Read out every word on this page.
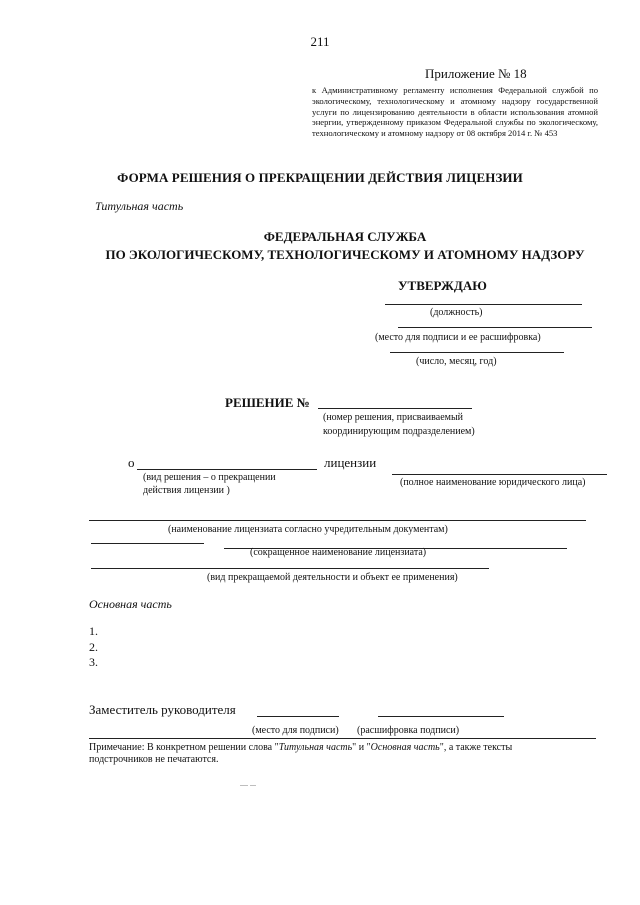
211
Приложение № 18
к Административному регламенту исполнения Федеральной службой по экологическому, технологическому и атомному надзору государственной услуги по лицензированию деятельности в области использования атомной энергии, утвержденному приказом Федеральной службы по экологическому, технологическому и атомному надзору от 08 октября 2014 г. № 453
ФОРМА РЕШЕНИЯ О ПРЕКРАЩЕНИИ ДЕЙСТВИЯ ЛИЦЕНЗИИ
Титульная часть
ФЕДЕРАЛЬНАЯ СЛУЖБА
ПО ЭКОЛОГИЧЕСКОМУ, ТЕХНОЛОГИЧЕСКОМУ И АТОМНОМУ НАДЗОРУ
УТВЕРЖДАЮ
(должность)
(место для подписи и ее расшифровка)
(число, месяц, год)
РЕШЕНИЕ №
(номер решения, присваиваемый
координирующим подразделением)
о	лицензии
(вид решения – о прекращении
действия лицензии )
(полное наименование юридического лица)
(наименование лицензиата согласно учредительным документам)
(сокращенное наименование лицензиата)
(вид прекращаемой деятельности и объект ее применения)
Основная часть
1.
2.
3.
Заместитель руководителя
(место для подписи) (расшифровка подписи)
Примечание: В конкретном решении слова "Титульная часть" и "Основная часть", а также тексты
подстрочников не печатаются.
.... ...
